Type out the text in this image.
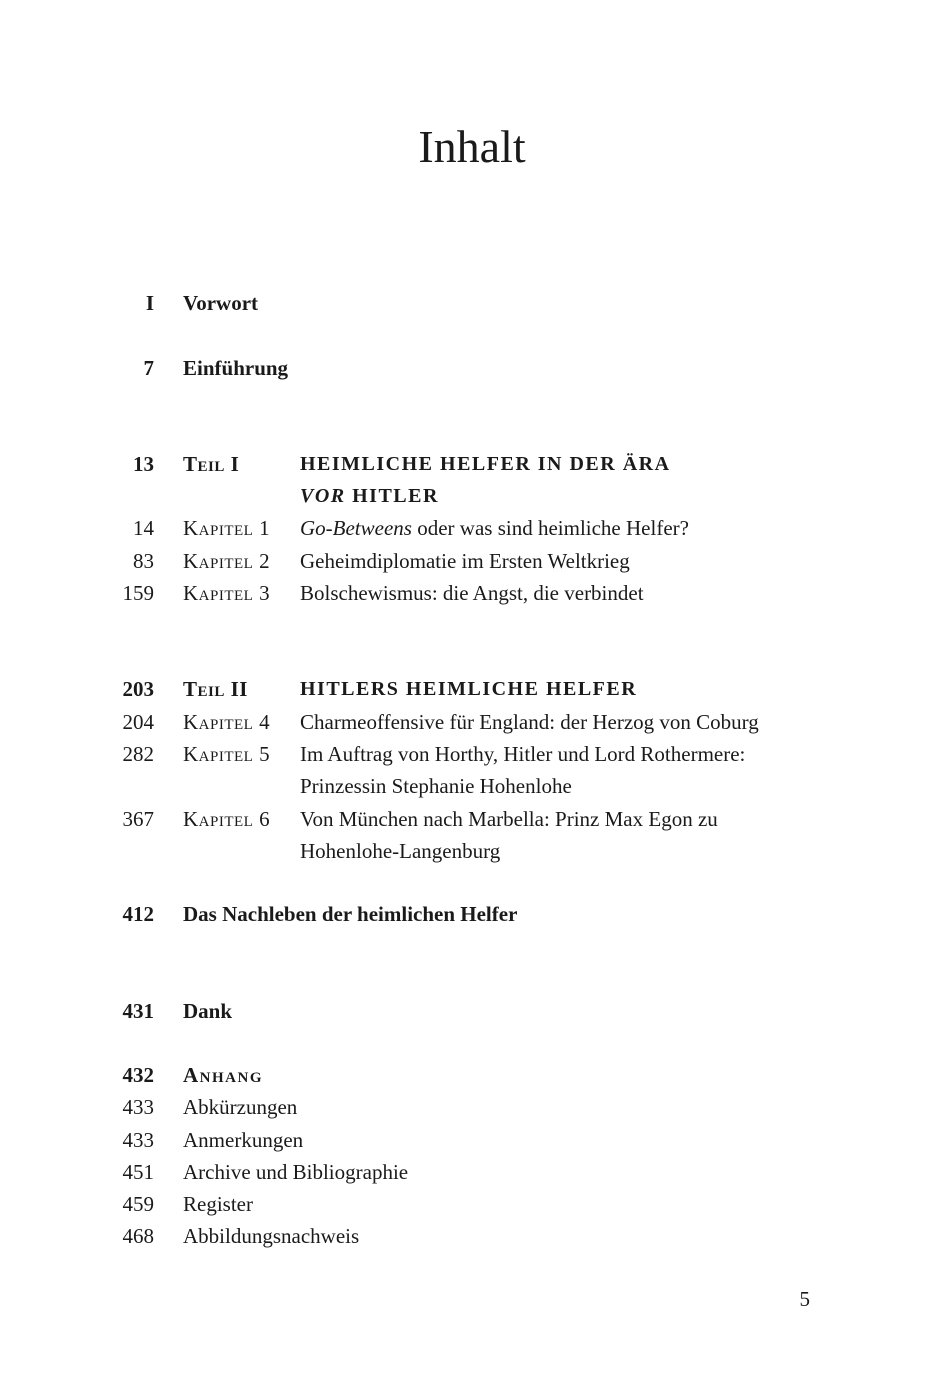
Inhalt
I Vorwort
7 Einführung
13 Teil I	HEIMLICHE HELFER IN DER ÄRA
VOR HITLER
14 Kapitel 1 Go-Betweens oder was sind heimliche Helfer?
83 Kapitel 2 Geheimdiplomatie im Ersten Weltkrieg
159 Kapitel 3 Bolschewismus: die Angst, die verbindet
203 Teil II	HITLERS HEIMLICHE HELFER
204 Kapitel 4 Charmeoffensive für England: der Herzog von Coburg
282 Kapitel 5 Im Auftrag von Horthy, Hitler und Lord Rothermere:
Prinzessin Stephanie Hohenlohe
367 Kapitel 6 Von München nach Marbella: Prinz Max Egon zu
Hohenlohe-Langenburg
412 Das Nachleben der heimlichen Helfer
431 Dank
432 Anhang
433 Abkürzungen
433 Anmerkungen
451 Archive und Bibliographie
459 Register
468 Abbildungsnachweis
5
